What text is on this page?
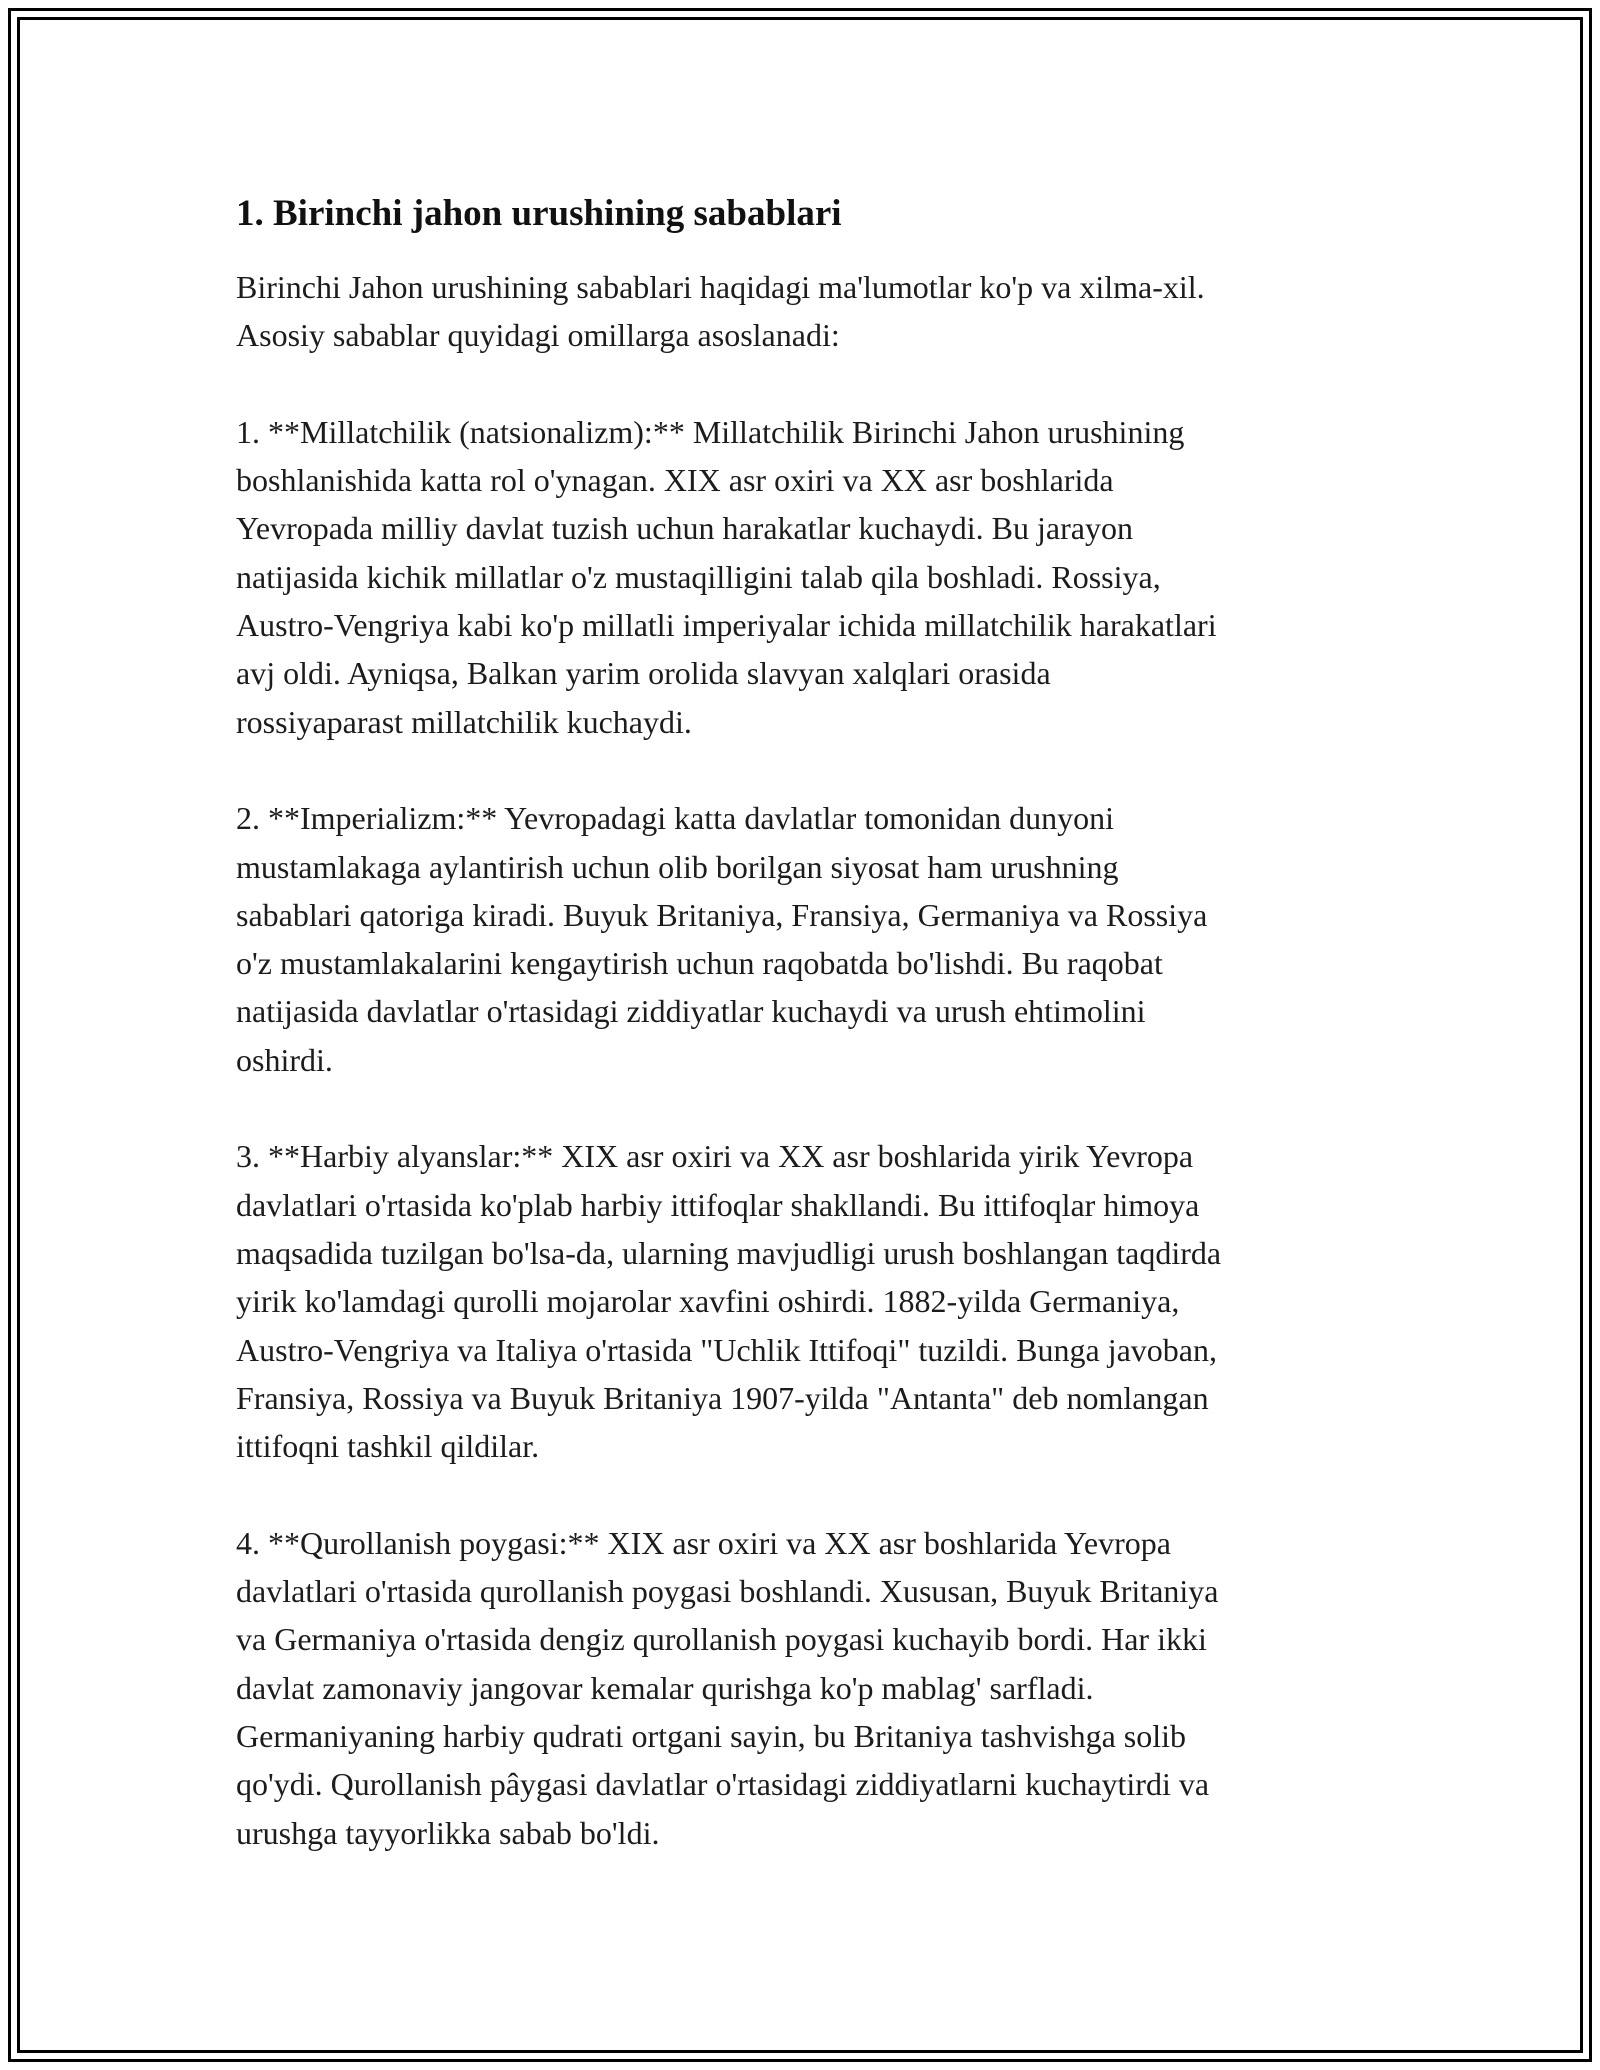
1. Birinchi jahon urushining sabablari

Birinchi Jahon urushining sabablari haqidagi ma'lumotlar ko'p va xilma-xil.
Asosiy sabablar quyidagi omillarga asoslanadi:

1. **Millatchilik (natsionalizm):** Millatchilik Birinchi Jahon urushining
boshlanishida katta rol o'ynagan. XIX asr oxiri va XX asr boshlarida
Yevropada milliy davlat tuzish uchun harakatlar kuchaydi. Bu jarayon
natijasida kichik millatlar o'z mustaqilligini talab qila boshladi. Rossiya,
Austro-Vengriya kabi ko'p millatli imperiyalar ichida millatchilik harakatlari
avj oldi. Ayniqsa, Balkan yarim orolida slavyan xalqlari orasida
rossiyaparast millatchilik kuchaydi.

2. **Imperializm:** Yevropadagi katta davlatlar tomonidan dunyoni
mustamlakaga aylantirish uchun olib borilgan siyosat ham urushning
sabablari qatoriga kiradi. Buyuk Britaniya, Fransiya, Germaniya va Rossiya
o'z mustamlakalarini kengaytirish uchun raqobatda bo'lishdi. Bu raqobat
natijasida davlatlar o'rtasidagi ziddiyatlar kuchaydi va urush ehtimolini
oshirdi.

3. **Harbiy alyanslar:** XIX asr oxiri va XX asr boshlarida yirik Yevropa
davlatlari o'rtasida ko'plab harbiy ittifoqlar shakllandi. Bu ittifoqlar himoya
maqsadida tuzilgan bo'lsa-da, ularning mavjudligi urush boshlangan taqdirda
yirik ko'lamdagi qurolli mojarolar xavfini oshirdi. 1882-yilda Germaniya,
Austro-Vengriya va Italiya o'rtasida "Uchlik Ittifoqi" tuzildi. Bunga javoban,
Fransiya, Rossiya va Buyuk Britaniya 1907-yilda "Antanta" deb nomlangan
ittifoqni tashkil qildilar.

4. **Qurollanish poygasi:** XIX asr oxiri va XX asr boshlarida Yevropa
davlatlari o'rtasida qurollanish poygasi boshlandi. Xususan, Buyuk Britaniya
va Germaniya o'rtasida dengiz qurollanish poygasi kuchayib bordi. Har ikki
davlat zamonaviy jangovar kemalar qurishga ko'p mablag' sarfladi.
Germaniyaning harbiy qudrati ortgani sayin, bu Britaniya tashvishga solib
qo'ydi. Qurollanish pâygasi davlatlar o'rtasidagi ziddiyatlarni kuchaytirdi va
urushga tayyorlikka sabab bo'ldi.
